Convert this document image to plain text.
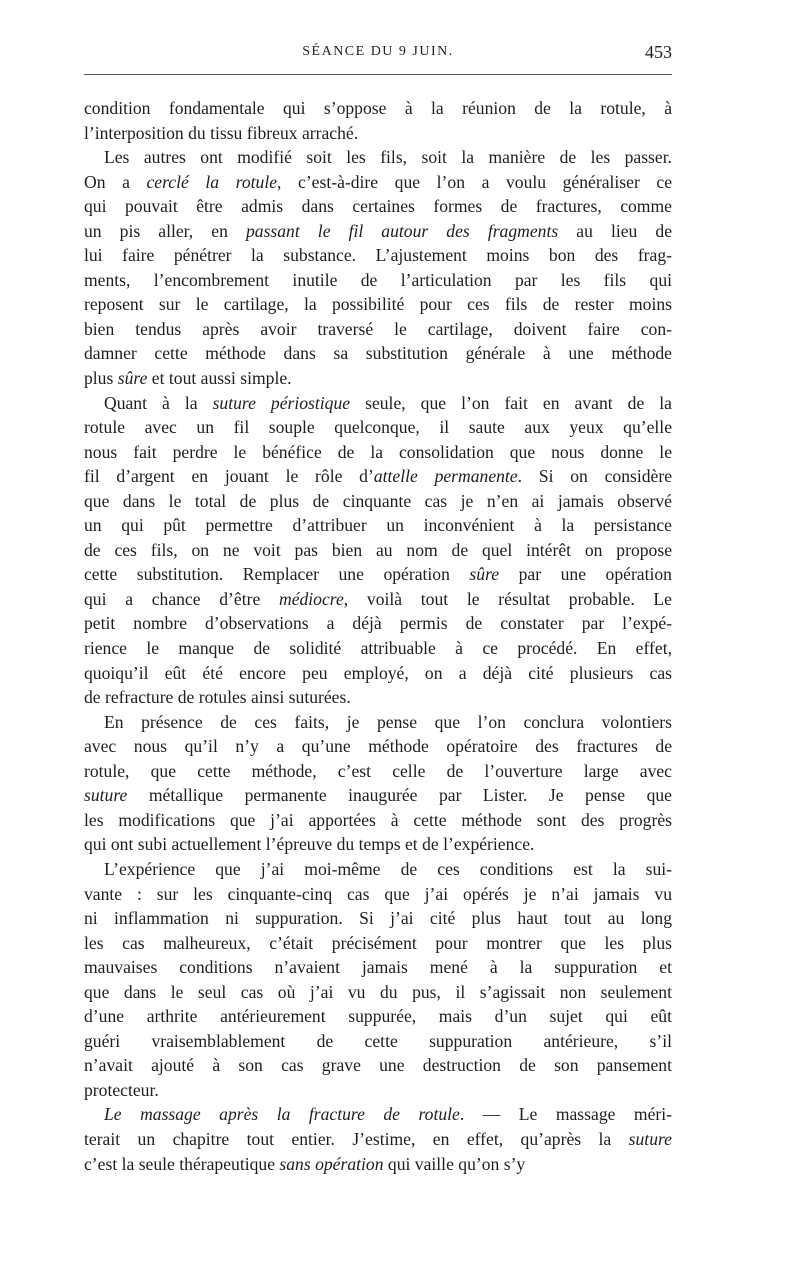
SÉANCE DU 9 JUIN.	453

condition fondamentale qui s’oppose à la réunion de la rotule, à
l’interposition du tissu fibreux arraché.

Les autres ont modifié soit les fils, soit la manière de les passer.
On a cerclé la rotule, c’est-à-dire que l’on a voulu généraliser ce
qui pouvait être admis dans certaines formes de fractures, comme
un pis aller, en passant le fil autour des fragments au lieu de
lui faire pénétrer la substance. L’ajustement moins bon des frag-
ments, l’encombrement inutile de l’articulation par les fils qui
reposent sur le cartilage, la possibilité pour ces fils de rester moins
bien tendus après avoir traversé le cartilage, doivent faire con-
damner cette méthode dans sa substitution générale à une méthode
plus sûre et tout aussi simple.

Quant à la suture périostique seule, que l’on fait en avant de la
rotule avec un fil souple quelconque, il saute aux yeux qu’elle
nous fait perdre le bénéfice de la consolidation que nous donne le
fil d’argent en jouant le rôle d’attelle permanente. Si on considère
que dans le total de plus de cinquante cas je n’en ai jamais observé
un qui pût permettre d’attribuer un inconvénient à la persistance
de ces fils, on ne voit pas bien au nom de quel intérêt on propose
cette substitution. Remplacer une opération sûre par une opération
qui a chance d’être médiocre, voilà tout le résultat probable. Le
petit nombre d’observations a déjà permis de constater par l’expé-
rience le manque de solidité attribuable à ce procédé. En effet,
quoiqu’il eût été encore peu employé, on a déjà cité plusieurs cas
de refracture de rotules ainsi suturées.

En présence de ces faits, je pense que l’on conclura volontiers
avec nous qu’il n’y a qu’une méthode opératoire des fractures de
rotule, que cette méthode, c’est celle de l’ouverture large avec
suture métallique permanente inaugurée par Lister. Je pense que
les modifications que j’ai apportées à cette méthode sont des progrès
qui ont subi actuellement l’épreuve du temps et de l’expérience.

L’expérience que j’ai moi-même de ces conditions est la sui-
vante : sur les cinquante-cinq cas que j’ai opérés je n’ai jamais vu
ni inflammation ni suppuration. Si j’ai cité plus haut tout au long
les cas malheureux, c’était précisément pour montrer que les plus
mauvaises conditions n’avaient jamais mené à la suppuration et
que dans le seul cas où j’ai vu du pus, il s’agissait non seulement
d’une arthrite antérieurement suppurée, mais d’un sujet qui eût
guéri vraisemblablement de cette suppuration antérieure, s’il
n’avait ajouté à son cas grave une destruction de son pansement
protecteur.

Le massage après la fracture de rotule. — Le massage méri-
terait un chapitre tout entier. J’estime, en effet, qu’après la suture
c’est la seule thérapeutique sans opération qui vaille qu’on s’y
